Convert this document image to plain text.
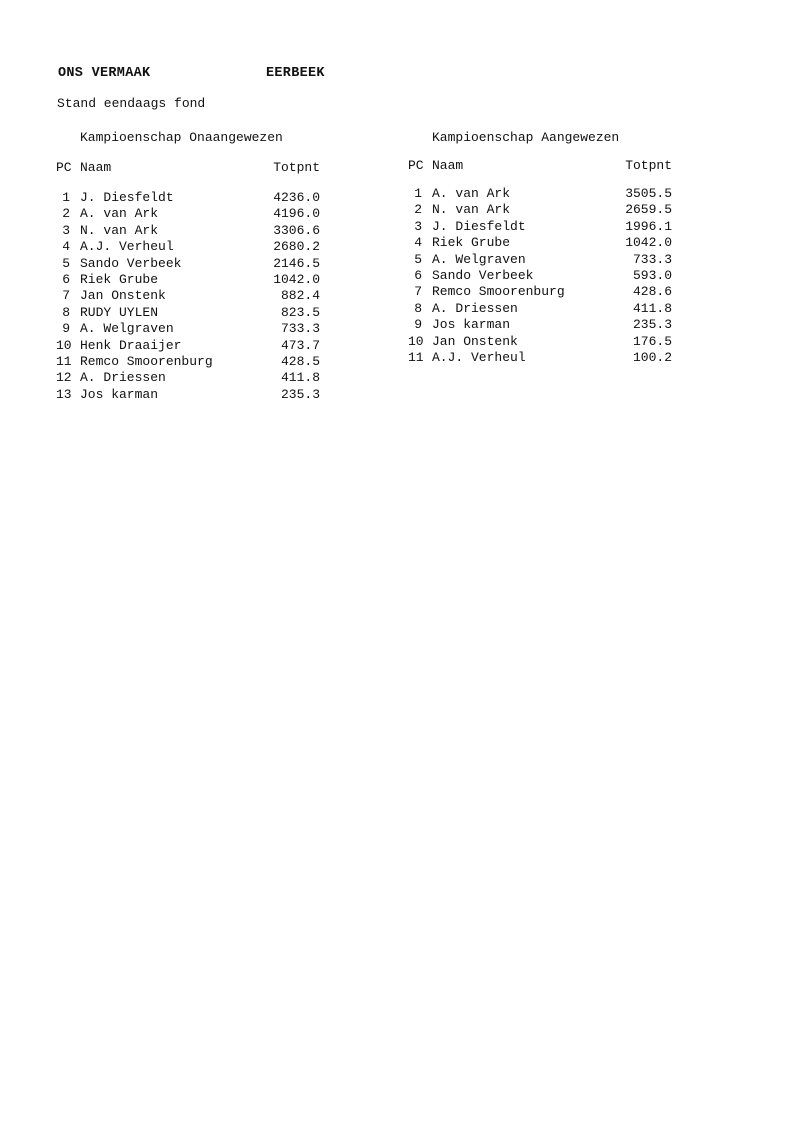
ONS VERMAAK	EERBEEK
Stand eendaags fond
Kampioenschap Onaangewezen
PC Naam	Totpnt
1 J. Diesfeldt	4236.0
2 A. van Ark	4196.0
3 N. van Ark	3306.6
4 A.J. Verheul	2680.2
5 Sando Verbeek	2146.5
6 Riek Grube	1042.0
7 Jan Onstenk	882.4
8 RUDY UYLEN	823.5
9 A. Welgraven	733.3
10 Henk Draaijer	473.7
11 Remco Smoorenburg	428.5
12 A. Driessen	411.8
13 Jos karman	235.3
Kampioenschap Aangewezen
PC Naam	Totpnt
1 A. van Ark	3505.5
2 N. van Ark	2659.5
3 J. Diesfeldt	1996.1
4 Riek Grube	1042.0
5 A. Welgraven	733.3
6 Sando Verbeek	593.0
7 Remco Smoorenburg	428.6
8 A. Driessen	411.8
9 Jos karman	235.3
10 Jan Onstenk	176.5
11 A.J. Verheul	100.2
